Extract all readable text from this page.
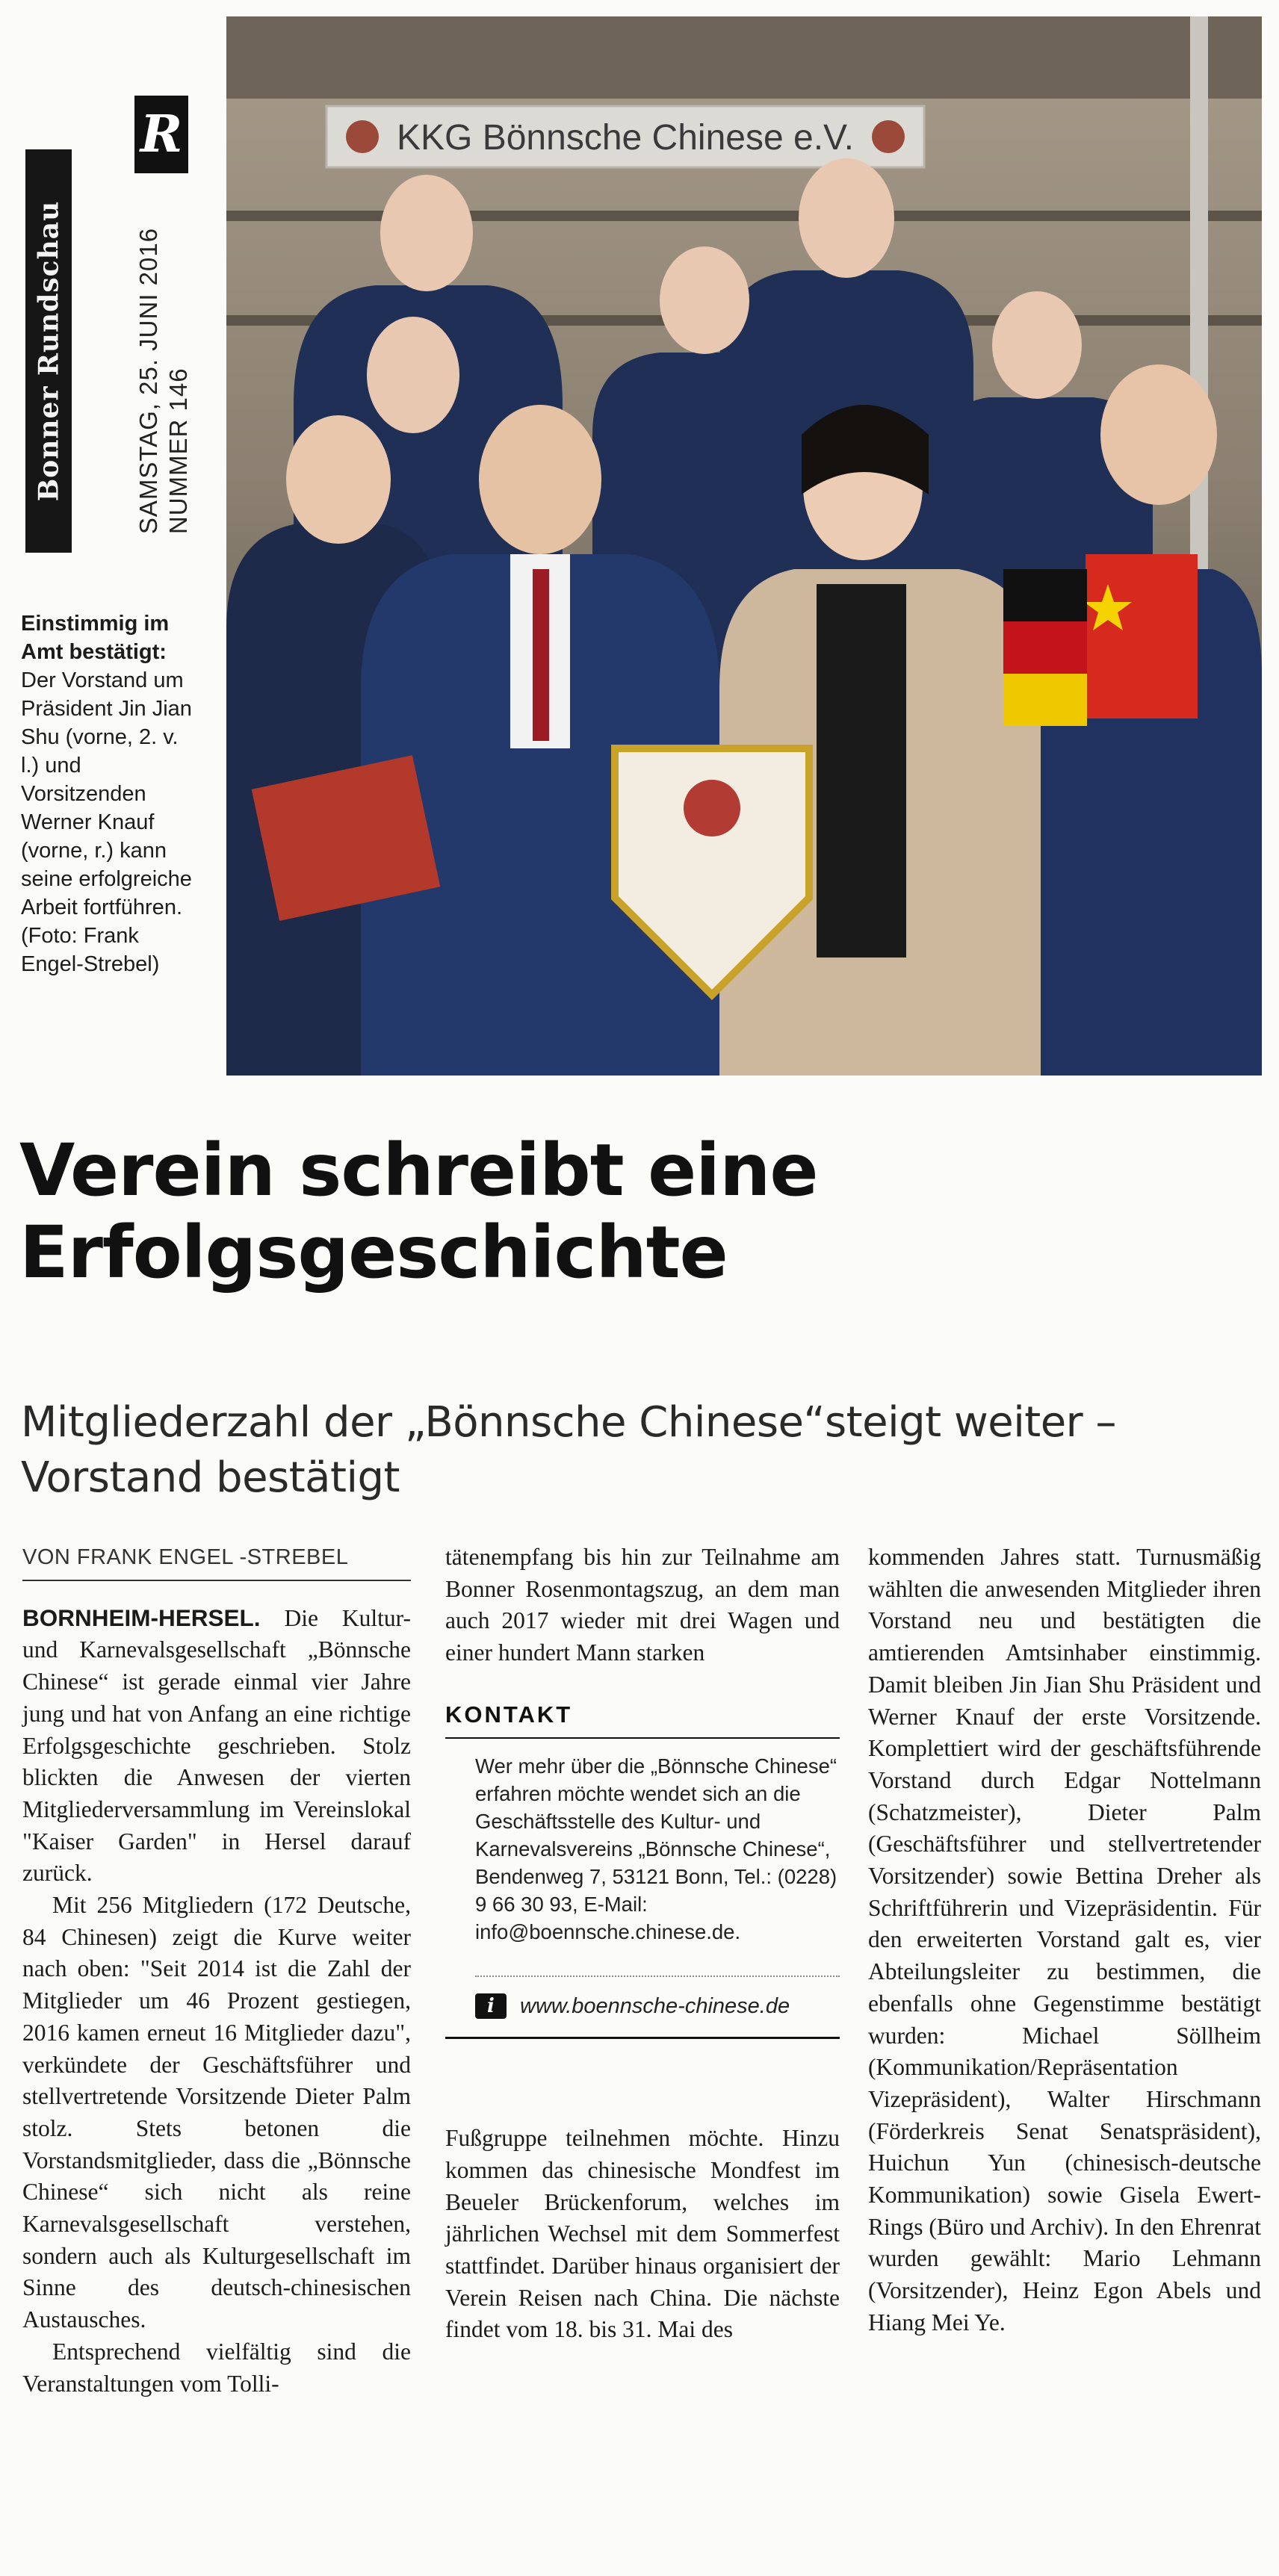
Bonner Rundschau
R
SAMSTAG, 25. JUNI 2016 NUMMER 146
Einstimmig im Amt bestätigt:
Der Vorstand um Präsident Jin Jian Shu (vorne, 2. v. l.) und Vorsitzenden Werner Knauf (vorne, r.) kann seine erfolgreiche Arbeit fortführen. (Foto: Frank Engel-Strebel)
KKG Bönnsche Chinese e.V.
Verein schreibt eine Erfolgsgeschichte
Mitgliederzahl der „Bönnsche Chinese“steigt weiter – Vorstand bestätigt
VON FRANK ENGEL -STREBEL

BORNHEIM-HERSEL. Die Kultur- und Karnevalsgesellschaft „Bönnsche Chinese“ ist gerade einmal vier Jahre jung und hat von Anfang an eine richtige Erfolgsgeschichte geschrieben. Stolz blickten die Anwesen der vierten Mitgliederversammlung im Vereinslokal "Kaiser Garden" in Hersel darauf zurück.

Mit 256 Mitgliedern (172 Deutsche, 84 Chinesen) zeigt die Kurve weiter nach oben: "Seit 2014 ist die Zahl der Mitglieder um 46 Prozent gestiegen, 2016 kamen erneut 16 Mitglieder dazu", verkündete der Geschäftsführer und stellvertretende Vorsitzende Dieter Palm stolz. Stets betonen die Vorstandsmitglieder, dass die „Bönnsche Chinese“ sich nicht als reine Karnevalsgesellschaft verstehen, sondern auch als Kulturgesellschaft im Sinne des deutsch-chinesischen Austausches.

Entsprechend vielfältig sind die Veranstaltungen vom Tolli-

tätenempfang bis hin zur Teilnahme am Bonner Rosenmontagszug, an dem man auch 2017 wieder mit drei Wagen und einer hundert Mann starken

KONTAKT
Wer mehr über die „Bönnsche Chinese“ erfahren möchte wendet sich an die Geschäftsstelle des Kultur- und Karnevalsvereins „Bönnsche Chinese“, Bendenweg 7, 53121 Bonn, Tel.: (0228) 9 66 30 93, E-Mail: info@boennsche.chinese.de.
i	www.boennsche-chinese.de

Fußgruppe teilnehmen möchte. Hinzu kommen das chinesische Mondfest im Beueler Brückenforum, welches im jährlichen Wechsel mit dem Sommerfest stattfindet. Darüber hinaus organisiert der Verein Reisen nach China. Die nächste findet vom 18. bis 31. Mai des

kommenden Jahres statt. Turnusmäßig wählten die anwesenden Mitglieder ihren Vorstand neu und bestätigten die amtierenden Amtsinhaber einstimmig. Damit bleiben Jin Jian Shu Präsident und Werner Knauf der erste Vorsitzende. Komplettiert wird der geschäftsführende Vorstand durch Edgar Nottelmann (Schatzmeister), Dieter Palm (Geschäftsführer und stellvertretender Vorsitzender) sowie Bettina Dreher als Schriftführerin und Vizepräsidentin. Für den erweiterten Vorstand galt es, vier Abteilungsleiter zu bestimmen, die ebenfalls ohne Gegenstimme bestätigt wurden: Michael Söllheim (Kommunikation/Repräsentation Vizepräsident), Walter Hirschmann (Förderkreis Senat Senatspräsident), Huichun Yun (chinesisch-deutsche Kommunikation) sowie Gisela Ewert-Rings (Büro und Archiv). In den Ehrenrat wurden gewählt: Mario Lehmann (Vorsitzender), Heinz Egon Abels und Hiang Mei Ye.
